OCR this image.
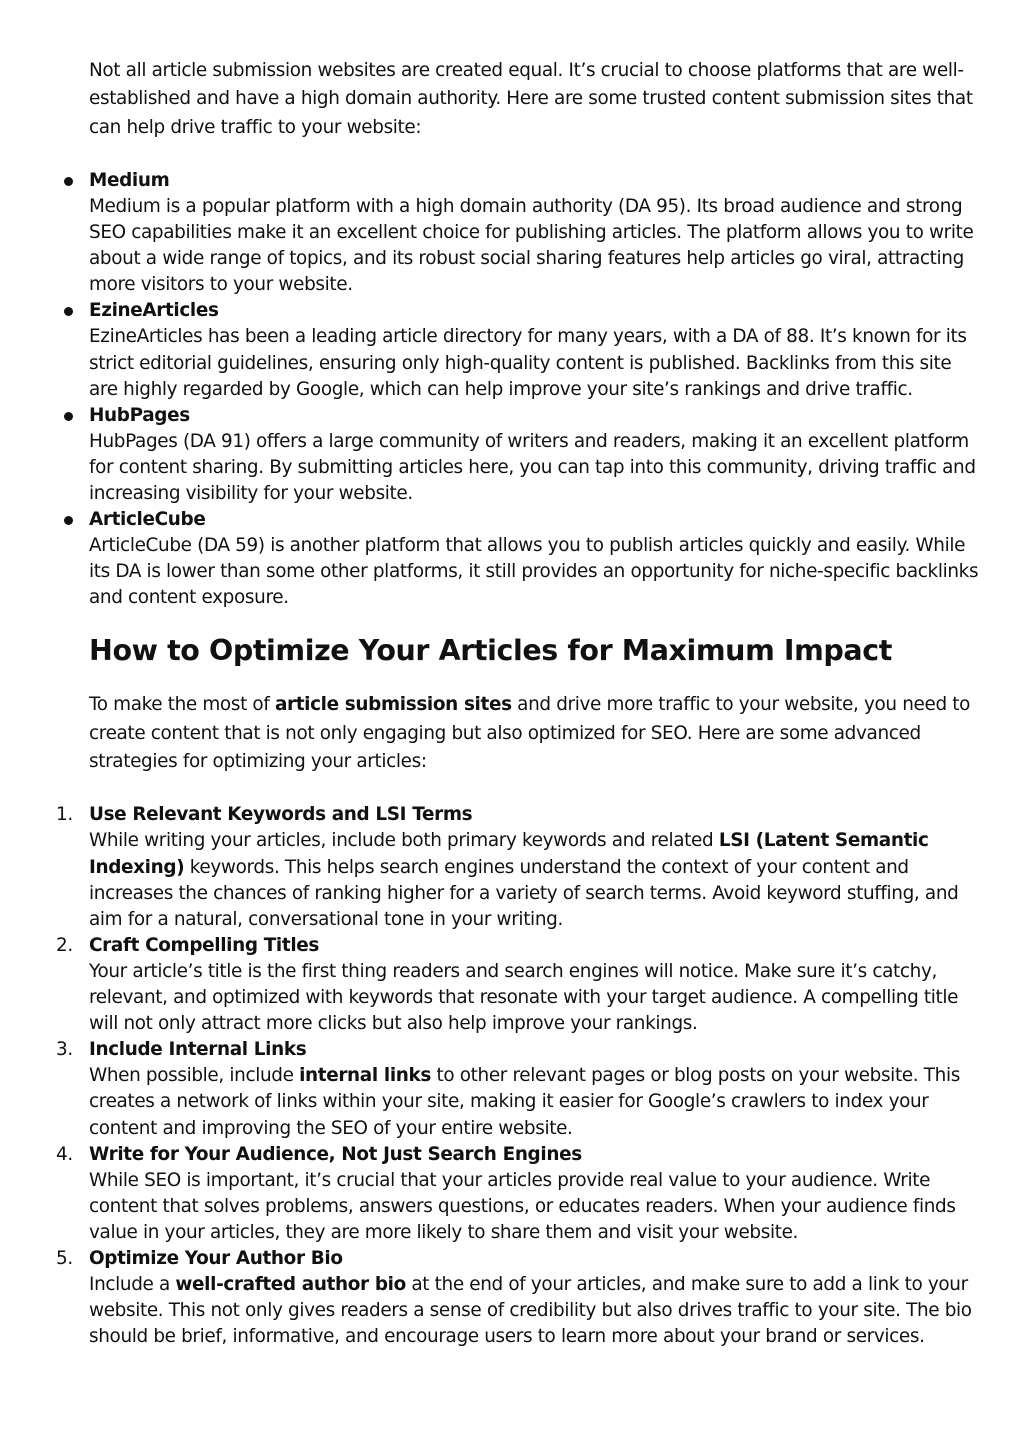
Not all article submission websites are created equal. It’s crucial to choose platforms that are well-established and have a high domain authority. Here are some trusted content submission sites that can help drive traffic to your website:

Medium
Medium is a popular platform with a high domain authority (DA 95). Its broad audience and strong SEO capabilities make it an excellent choice for publishing articles. The platform allows you to write about a wide range of topics, and its robust social sharing features help articles go viral, attracting more visitors to your website.
EzineArticles
EzineArticles has been a leading article directory for many years, with a DA of 88. It’s known for its strict editorial guidelines, ensuring only high-quality content is published. Backlinks from this site are highly regarded by Google, which can help improve your site’s rankings and drive traffic.
HubPages
HubPages (DA 91) offers a large community of writers and readers, making it an excellent platform for content sharing. By submitting articles here, you can tap into this community, driving traffic and increasing visibility for your website.
ArticleCube
ArticleCube (DA 59) is another platform that allows you to publish articles quickly and easily. While its DA is lower than some other platforms, it still provides an opportunity for niche-specific backlinks and content exposure.
How to Optimize Your Articles for Maximum Impact

To make the most of article submission sites and drive more traffic to your website, you need to create content that is not only engaging but also optimized for SEO. Here are some advanced strategies for optimizing your articles:

1. Use Relevant Keywords and LSI Terms
While writing your articles, include both primary keywords and related LSI (Latent Semantic Indexing) keywords. This helps search engines understand the context of your content and increases the chances of ranking higher for a variety of search terms. Avoid keyword stuffing, and aim for a natural, conversational tone in your writing.
2. Craft Compelling Titles
Your article’s title is the first thing readers and search engines will notice. Make sure it’s catchy, relevant, and optimized with keywords that resonate with your target audience. A compelling title will not only attract more clicks but also help improve your rankings.
3. Include Internal Links
When possible, include internal links to other relevant pages or blog posts on your website. This creates a network of links within your site, making it easier for Google’s crawlers to index your content and improving the SEO of your entire website.
4. Write for Your Audience, Not Just Search Engines
While SEO is important, it’s crucial that your articles provide real value to your audience. Write content that solves problems, answers questions, or educates readers. When your audience finds value in your articles, they are more likely to share them and visit your website.
5. Optimize Your Author Bio
Include a well-crafted author bio at the end of your articles, and make sure to add a link to your website. This not only gives readers a sense of credibility but also drives traffic to your site. The bio should be brief, informative, and encourage users to learn more about your brand or services.
